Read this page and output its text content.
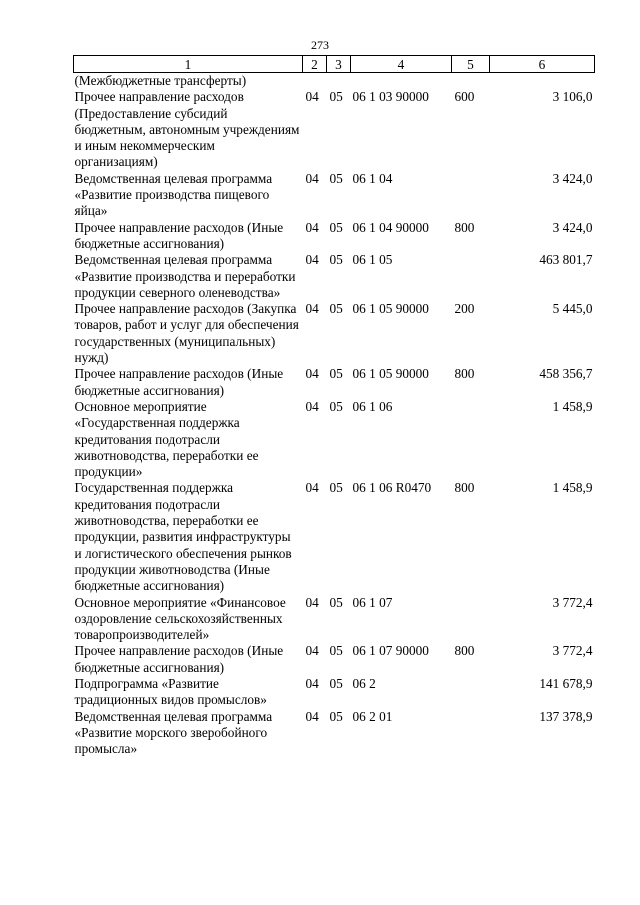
273
1	2	3	4	5	6
(Межбюджетные трансферты)					
Прочее направление расходов (Предоставление субсидий бюджетным, автономным учреждениям и иным некоммерческим организациям)	04	05	06 1 03 90000	600	3 106,0
Ведомственная целевая программа «Развитие производства пищевого яйца»	04	05	06 1 04		3 424,0
Прочее направление расходов (Иные бюджетные ассигнования)	04	05	06 1 04 90000	800	3 424,0
Ведомственная целевая программа «Развитие производства и переработки продукции северного оленеводства»	04	05	06 1 05		463 801,7
Прочее направление расходов (Закупка товаров, работ и услуг для обеспечения государственных (муниципальных) нужд)	04	05	06 1 05 90000	200	5 445,0
Прочее направление расходов (Иные бюджетные ассигнования)	04	05	06 1 05 90000	800	458 356,7
Основное мероприятие «Государственная поддержка кредитования подотрасли животноводства, переработки ее продукции»	04	05	06 1 06		1 458,9
Государственная поддержка кредитования подотрасли животноводства, переработки ее продукции, развития инфраструктуры и логистического обеспечения рынков продукции животноводства (Иные бюджетные ассигнования)	04	05	06 1 06 R0470	800	1 458,9
Основное мероприятие «Финансовое оздоровление сельскохозяйственных товаропроизводителей»	04	05	06 1 07		3 772,4
Прочее направление расходов (Иные бюджетные ассигнования)	04	05	06 1 07 90000	800	3 772,4
Подпрограмма «Развитие традиционных видов промыслов»	04	05	06 2		141 678,9
Ведомственная целевая программа «Развитие морского зверобойного промысла»	04	05	06 2 01		137 378,9
